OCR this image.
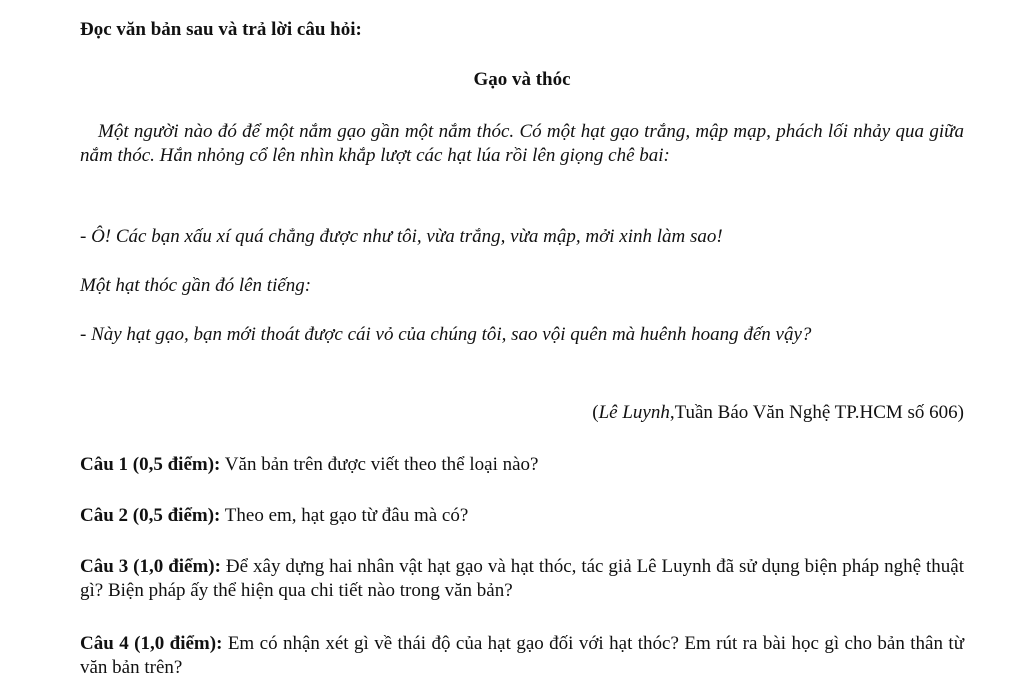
Đọc văn bản sau và trả lời câu hỏi:

Gạo và thóc

Một người nào đó để một nắm gạo gần một nắm thóc. Có một hạt gạo trắng, mập mạp, phách lối nhảy qua giữa nắm thóc. Hắn nhỏng cổ lên nhìn khắp lượt các hạt lúa rồi lên giọng chê bai:

- Ô! Các bạn xấu xí quá chẳng được như tôi, vừa trắng, vừa mập, mởi xinh làm sao!

Một hạt thóc gần đó lên tiếng:

- Này hạt gạo, bạn mới thoát được cái vỏ của chúng tôi, sao vội quên mà huênh hoang đến vậy?

(Lê Luynh,Tuần Báo Văn Nghệ TP.HCM số 606)

Câu 1 (0,5 điểm): Văn bản trên được viết theo thể loại nào?

Câu 2 (0,5 điểm): Theo em, hạt gạo từ đâu mà có?

Câu 3 (1,0 điểm): Để xây dựng hai nhân vật hạt gạo và hạt thóc, tác giả Lê Luynh đã sử dụng biện pháp nghệ thuật gì? Biện pháp ấy thể hiện qua chi tiết nào trong văn bản?

Câu 4 (1,0 điểm): Em có nhận xét gì về thái độ của hạt gạo đối với hạt thóc? Em rút ra bài học gì cho bản thân từ văn bản trên?
